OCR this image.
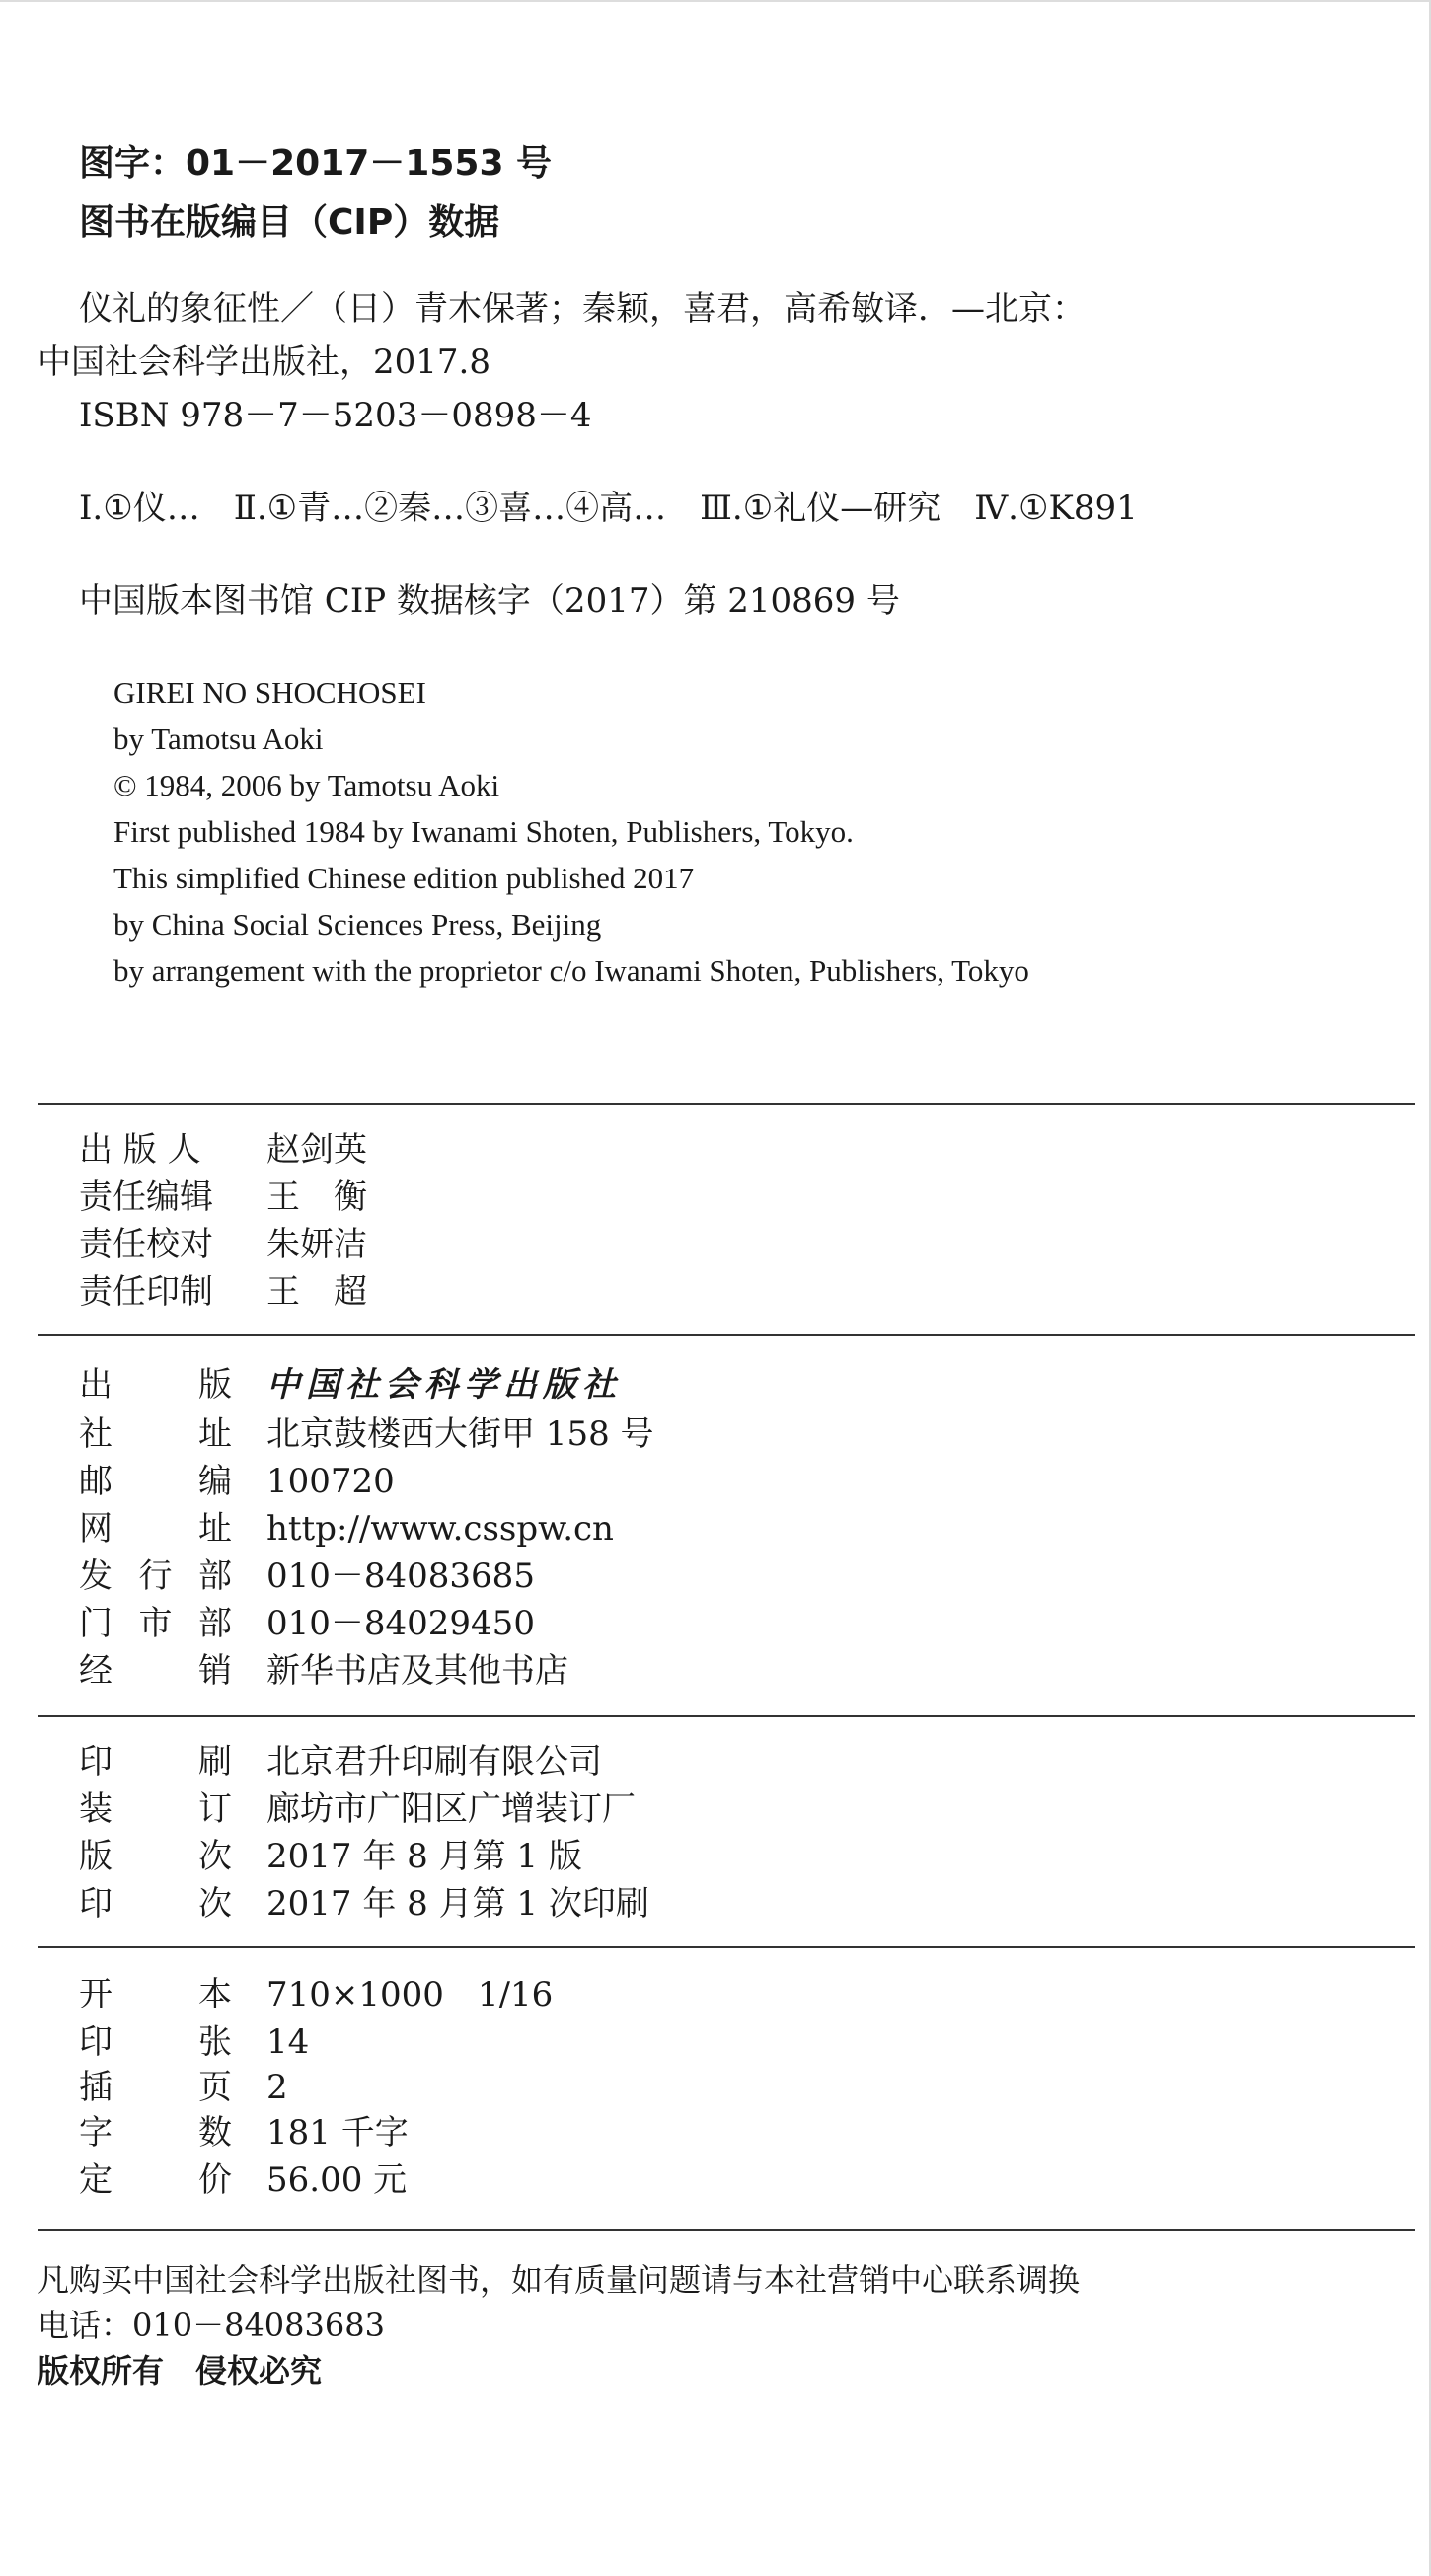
图字：01－2017－1553 号
图书在版编目（CIP）数据
仪礼的象征性／（日）青木保著；秦颖，喜君，高希敏译．—北京：
中国社会科学出版社，2017.8
ISBN 978－7－5203－0898－4
Ⅰ.①仪…　Ⅱ.①青…②秦…③喜…④高…　Ⅲ.①礼仪—研究　Ⅳ.①K891
中国版本图书馆 CIP 数据核字（2017）第 210869 号
GIREI NO SHOCHOSEI
by Tamotsu Aoki
© 1984, 2006 by Tamotsu Aoki
First published 1984 by Iwanami Shoten, Publishers, Tokyo.
This simplified Chinese edition published 2017
by China Social Sciences Press, Beijing
by arrangement with the proprietor c/o Iwanami Shoten, Publishers, Tokyo
出 版 人 赵剑英
责任编辑 王　衡
责任校对 朱妍洁
责任印制 王　超
出版 中国社会科学出版社
社址 北京鼓楼西大街甲 158 号
邮编 100720
网址 http://www.csspw.cn
发行部 010－84083685
门市部 010－84029450
经销 新华书店及其他书店
印刷 北京君升印刷有限公司
装订 廊坊市广阳区广增装订厂
版次 2017 年 8 月第 1 版
印次 2017 年 8 月第 1 次印刷
开本 710×1000　1/16
印张 14
插页 2
字数 181 千字
定价 56.00 元
凡购买中国社会科学出版社图书，如有质量问题请与本社营销中心联系调换
电话：010－84083683
版权所有　侵权必究
